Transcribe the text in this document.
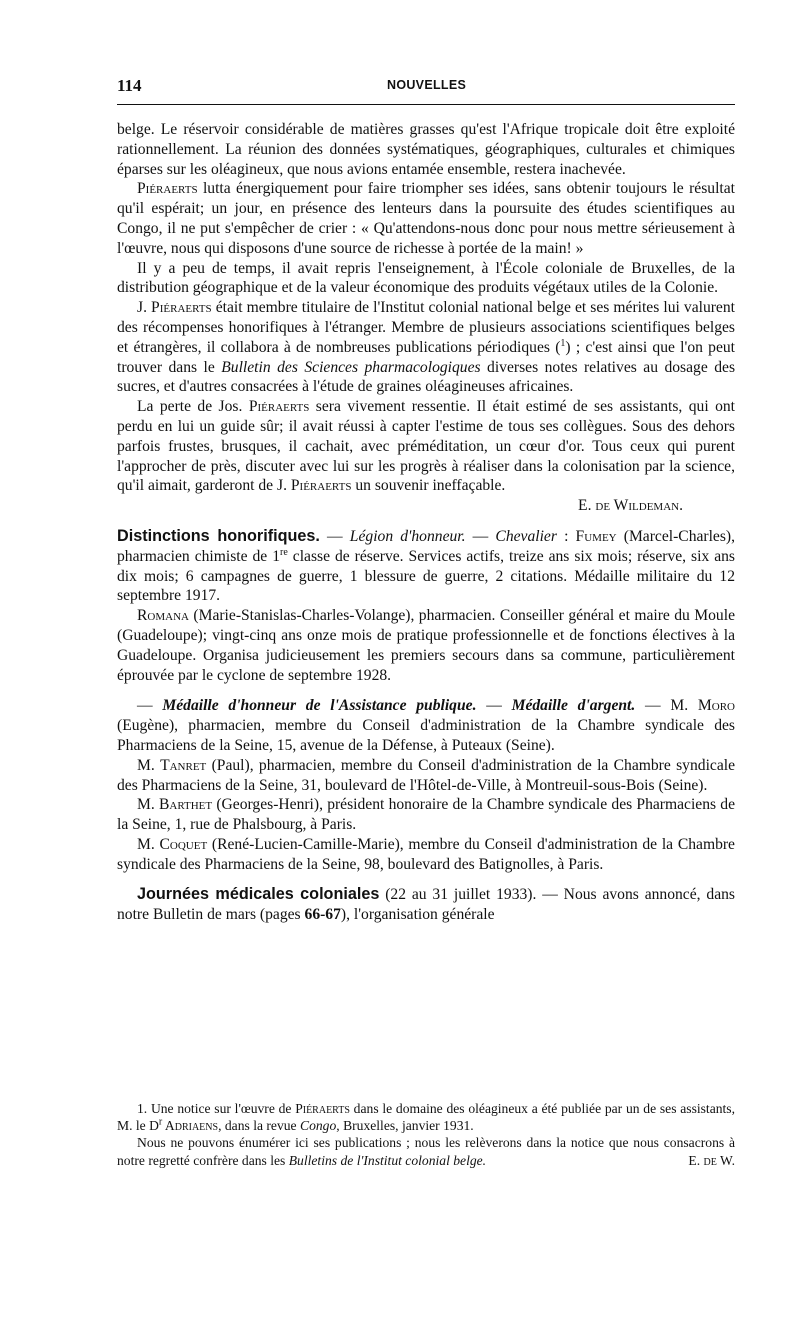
114	NOUVELLES

belge. Le réservoir considérable de matières grasses qu'est l'Afrique tropicale doit être exploité rationnellement. La réunion des données systématiques, géographiques, culturales et chimiques éparses sur les oléagineux, que nous avions entamée ensemble, restera inachevée.

Piéraerts lutta énergiquement pour faire triompher ses idées, sans obtenir toujours le résultat qu'il espérait; un jour, en présence des lenteurs dans la poursuite des études scientifiques au Congo, il ne put s'empêcher de crier : « Qu'attendons-nous donc pour nous mettre sérieusement à l'œuvre, nous qui disposons d'une source de richesse à portée de la main! »

Il y a peu de temps, il avait repris l'enseignement, à l'École coloniale de Bruxelles, de la distribution géographique et de la valeur économique des produits végétaux utiles de la Colonie.

J. Piéraerts était membre titulaire de l'Institut colonial national belge et ses mérites lui valurent des récompenses honorifiques à l'étranger. Membre de plusieurs associations scientifiques belges et étrangères, il collabora à de nombreuses publications périodiques ($^1$) ; c'est ainsi que l'on peut trouver dans le Bulletin des Sciences pharmacologiques diverses notes relatives au dosage des sucres, et d'autres consacrées à l'étude de graines oléagineuses africaines.

La perte de Jos. Piéraerts sera vivement ressentie. Il était estimé de ses assistants, qui ont perdu en lui un guide sûr; il avait réussi à capter l'estime de tous ses collègues. Sous des dehors parfois frustes, brusques, il cachait, avec préméditation, un cœur d'or. Tous ceux qui purent l'approcher de près, discuter avec lui sur les progrès à réaliser dans la colonisation par la science, qu'il aimait, garderont de J. Piéraerts un souvenir ineffaçable.

E. de Wildeman.

Distinctions honorifiques. — Légion d'honneur. — Chevalier : Fumey (Marcel-Charles), pharmacien chimiste de 1re classe de réserve. Services actifs, treize ans six mois; réserve, six ans dix mois; 6 campagnes de guerre, 1 blessure de guerre, 2 citations. Médaille militaire du 12 septembre 1917.

Romana (Marie-Stanislas-Charles-Volange), pharmacien. Conseiller général et maire du Moule (Guadeloupe); vingt-cinq ans onze mois de pratique professionnelle et de fonctions électives à la Guadeloupe. Organisa judicieusement les premiers secours dans sa commune, particulièrement éprouvée par le cyclone de septembre 1928.

— Médaille d'honneur de l'Assistance publique. — Médaille d'argent. — M. Moro (Eugène), pharmacien, membre du Conseil d'administration de la Chambre syndicale des Pharmaciens de la Seine, 15, avenue de la Défense, à Puteaux (Seine).

M. Tanret (Paul), pharmacien, membre du Conseil d'administration de la Chambre syndicale des Pharmaciens de la Seine, 31, boulevard de l'Hôtel-de-Ville, à Montreuil-sous-Bois (Seine).

M. Barthet (Georges-Henri), président honoraire de la Chambre syndicale des Pharmaciens de la Seine, 1, rue de Phalsbourg, à Paris.

M. Coquet (René-Lucien-Camille-Marie), membre du Conseil d'administration de la Chambre syndicale des Pharmaciens de la Seine, 98, boulevard des Batignolles, à Paris.

Journées médicales coloniales (22 au 31 juillet 1933). — Nous avons annoncé, dans notre Bulletin de mars (pages 66-67), l'organisation générale

1. Une notice sur l'œuvre de Piéraerts dans le domaine des oléagineux a été publiée par un de ses assistants, M. le $D^r$ Adriaens, dans la revue Congo, Bruxelles, janvier 1931.

Nous ne pouvons énumérer ici ses publications ; nous les relèverons dans la notice que nous consacrons à notre regretté confrère dans les Bulletins de l'Institut colonial belge.	E. de W.
